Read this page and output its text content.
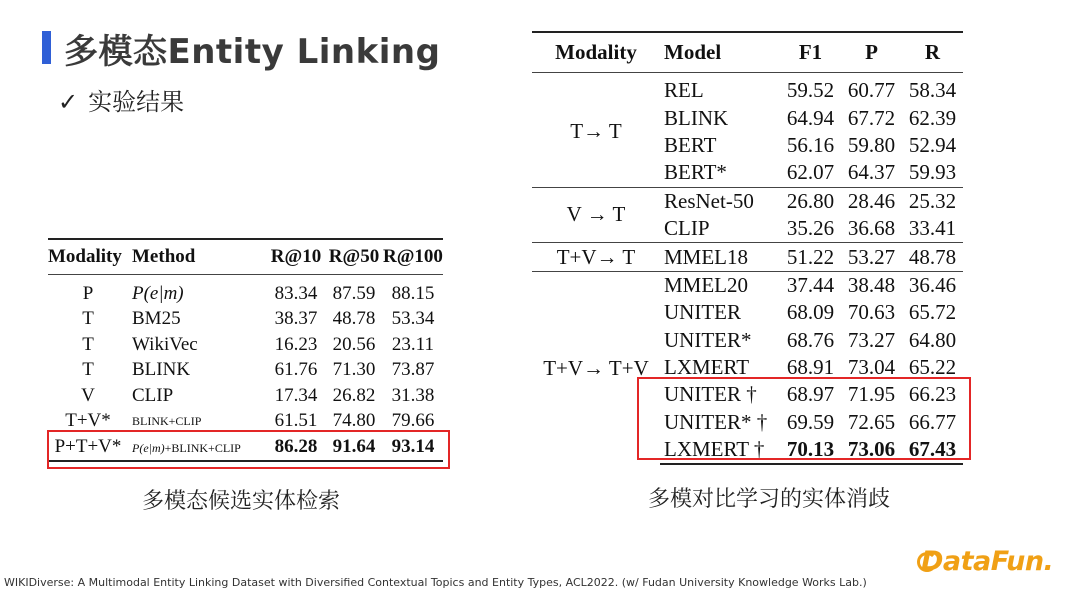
多模态Entity Linking
✓ 实验结果
Modality	Method	R@10	R@50	R@100
P	P(e|m)	83.34	87.59	88.15
T	BM25	38.37	48.78	53.34
T	WikiVec	16.23	20.56	23.11
T	BLINK	61.76	71.30	73.87
V	CLIP	17.34	26.82	31.38
T+V*	BLINK+CLIP	61.51	74.80	79.66
P+T+V*	P(e|m)+BLINK+CLIP	86.28	91.64	93.14
多模态候选实体检索
Modality	Model	F1	P	R
T→ T	REL	59.52	60.77	58.34
	BLINK	64.94	67.72	62.39
	BERT	56.16	59.80	52.94
	BERT*	62.07	64.37	59.93
V → T	ResNet-50	26.80	28.46	25.32
	CLIP	35.26	36.68	33.41
T+V→ T	MMEL18	51.22	53.27	48.78
T+V→ T+V	MMEL20	37.44	38.48	36.46
	UNITER	68.09	70.63	65.72
	UNITER*	68.76	73.27	64.80
	LXMERT	68.91	73.04	65.22
	UNITER †	68.97	71.95	66.23
	UNITER* †	69.59	72.65	66.77
	LXMERT †	70.13	73.06	67.43
多模对比学习的实体消歧
WIKIDiverse: A Multimodal Entity Linking Dataset with Diversified Contextual Topics and Entity Types, ACL2022. (w/ Fudan University Knowledge Works Lab.)
DataFun.
